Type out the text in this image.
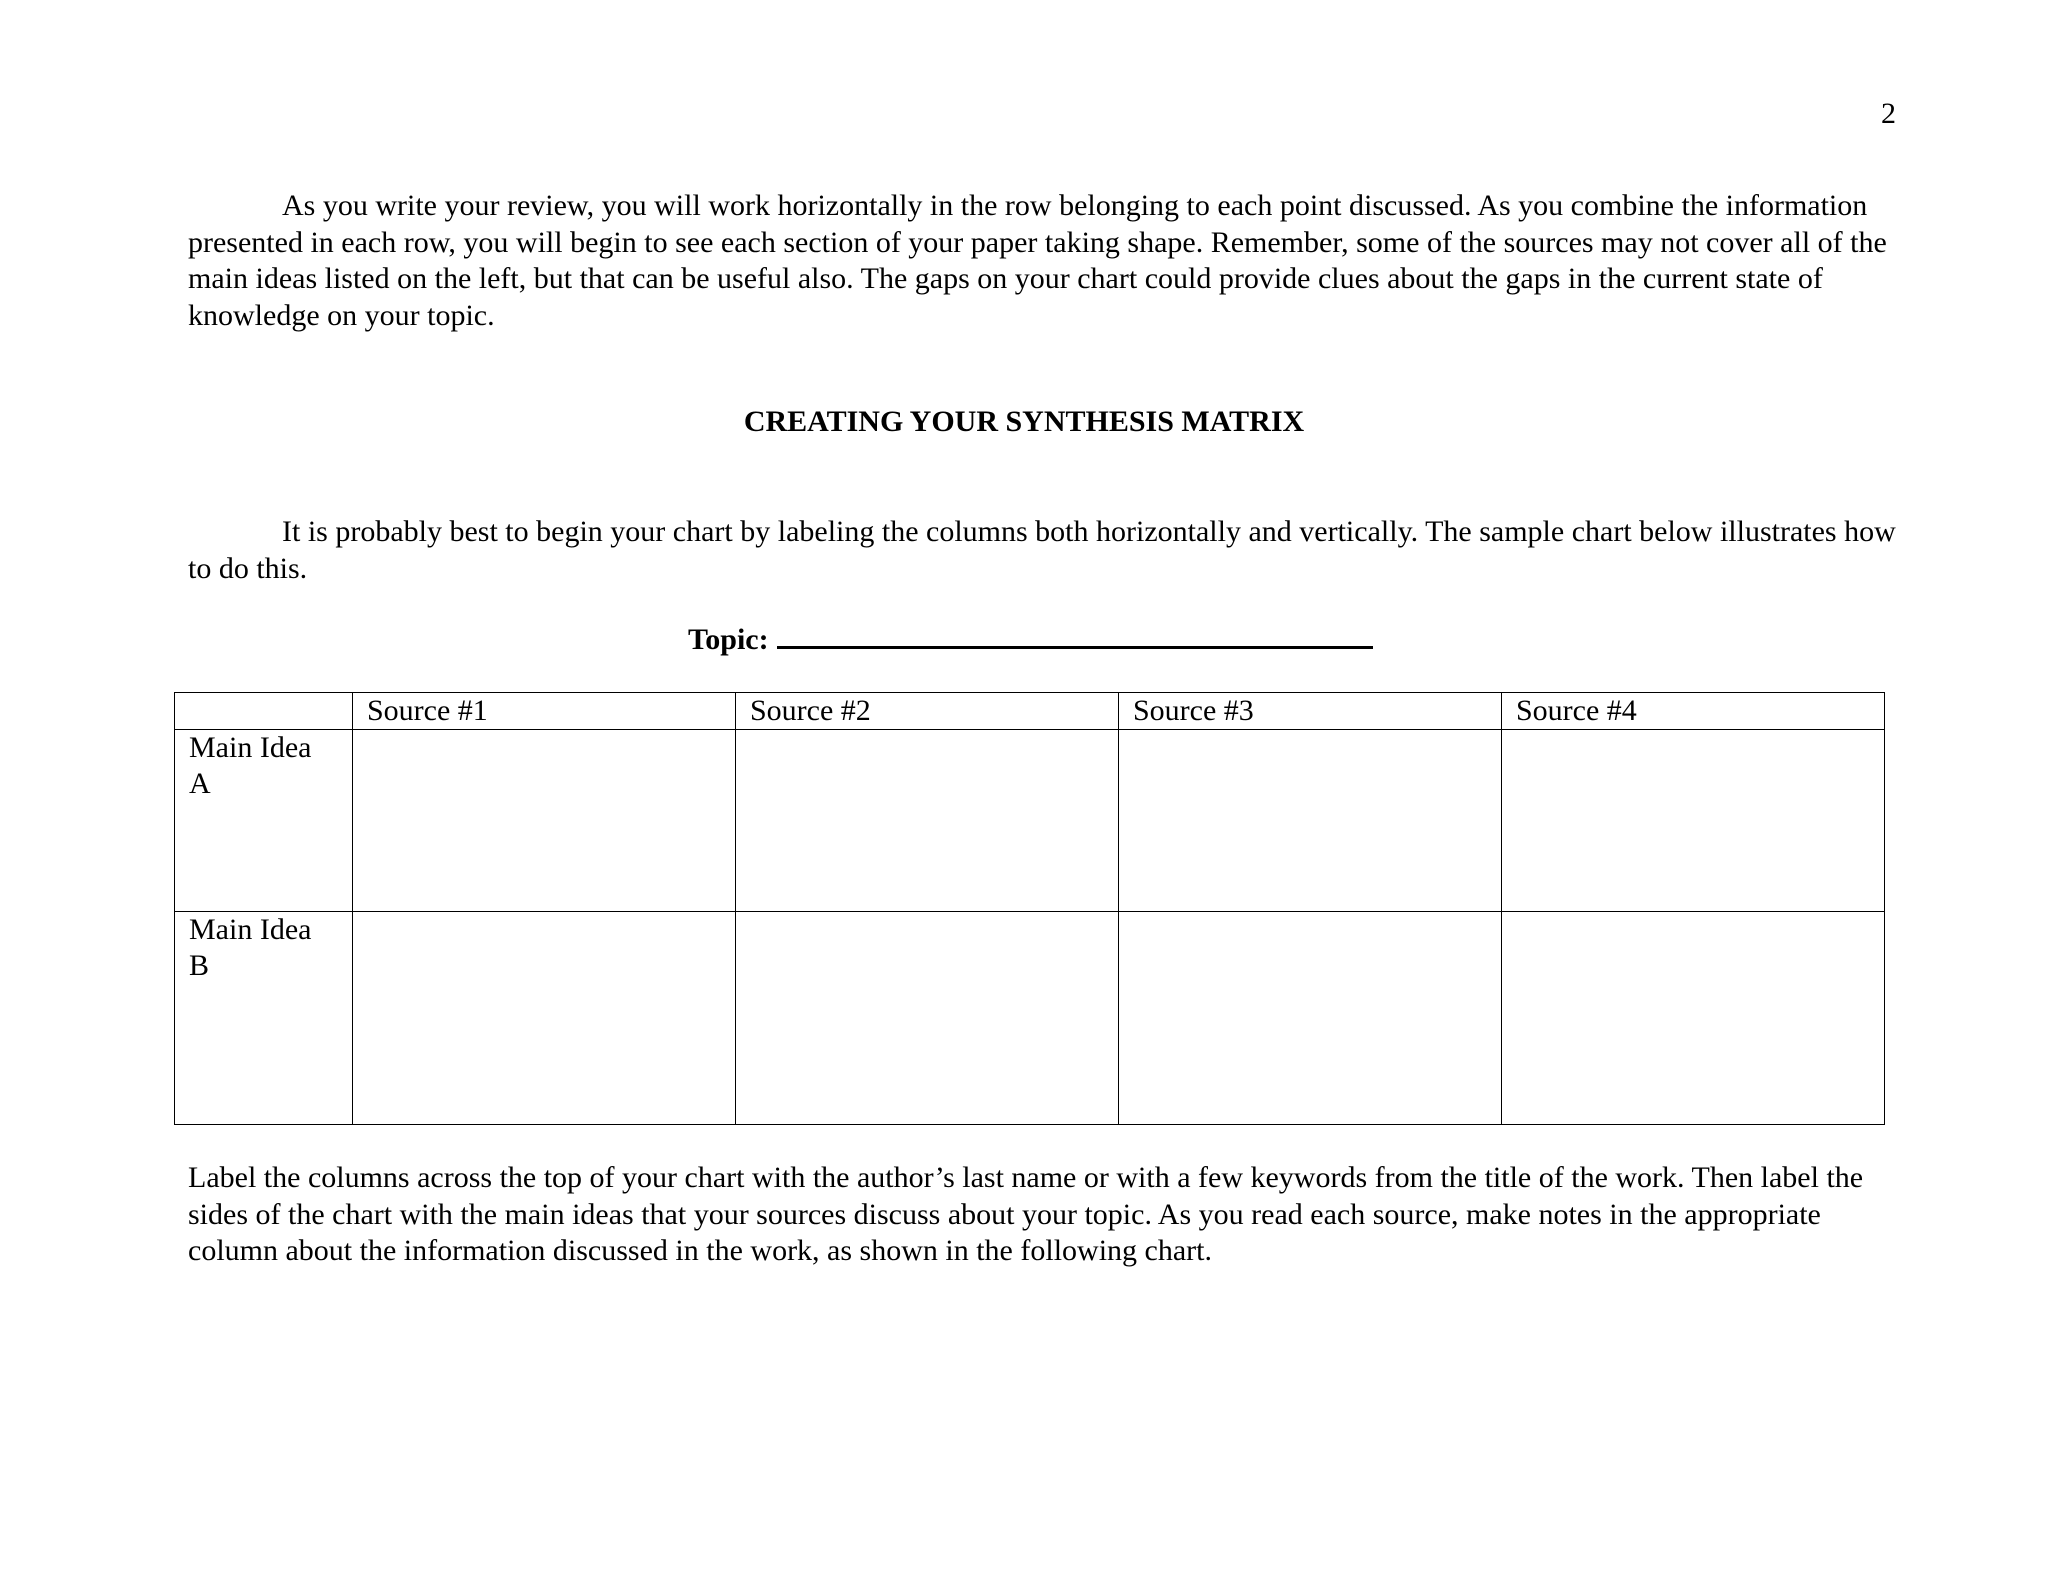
2

As you write your review, you will work horizontally in the row belonging to each point discussed. As you combine the information presented in each row, you will begin to see each section of your paper taking shape. Remember, some of the sources may not cover all of the main ideas listed on the left, but that can be useful also. The gaps on your chart could provide clues about the gaps in the current state of knowledge on your topic.

CREATING YOUR SYNTHESIS MATRIX

It is probably best to begin your chart by labeling the columns both horizontally and vertically. The sample chart below illustrates how to do this.

Topic:
	Source #1	Source #2	Source #3	Source #4
Main Idea A				
Main Idea B				

Label the columns across the top of your chart with the author’s last name or with a few keywords from the title of the work. Then label the sides of the chart with the main ideas that your sources discuss about your topic. As you read each source, make notes in the appropriate column about the information discussed in the work, as shown in the following chart.
